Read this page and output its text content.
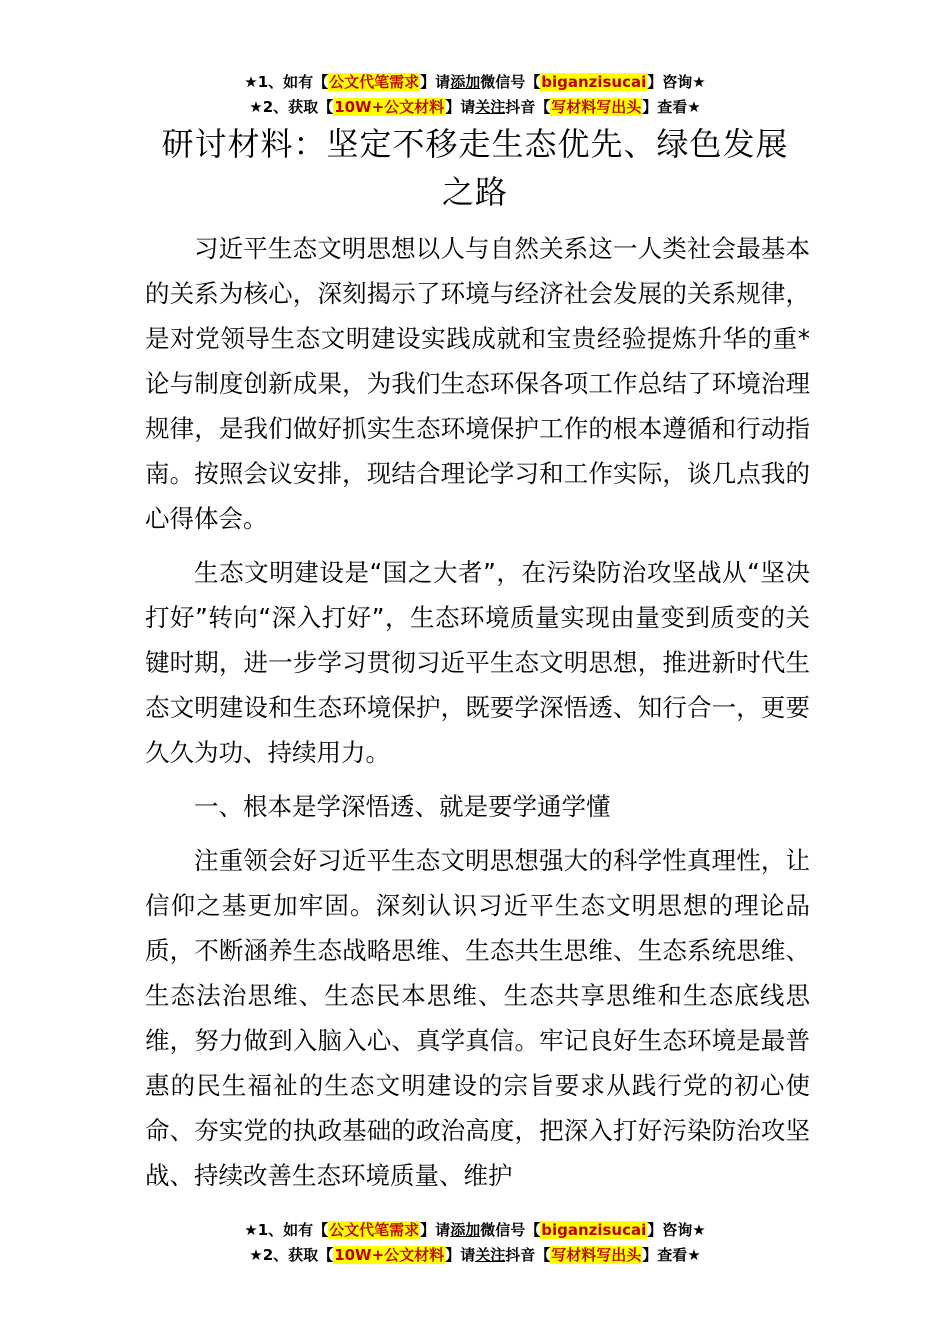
★1、如有【公文代笔需求】请添加微信号【biganzisucai】咨询★
★2、获取【10W+公文材料】请关注抖音【写材料写出头】查看★
研讨材料：坚定不移走生态优先、绿色发展
之路

习近平生态文明思想以人与自然关系这一人类社会最基本的关系为核心，深刻揭示了环境与经济社会发展的关系规律，是对党领导生态文明建设实践成就和宝贵经验提炼升华的重*论与制度创新成果，为我们生态环保各项工作总结了环境治理规律，是我们做好抓实生态环境保护工作的根本遵循和行动指南。按照会议安排，现结合理论学习和工作实际，谈几点我的心得体会。

生态文明建设是“国之大者”，在污染防治攻坚战从“坚决打好”转向“深入打好”，生态环境质量实现由量变到质变的关键时期，进一步学习贯彻习近平生态文明思想，推进新时代生态文明建设和生态环境保护，既要学深悟透、知行合一，更要久久为功、持续用力。

一、根本是学深悟透、就是要学通学懂

注重领会好习近平生态文明思想强大的科学性真理性，让信仰之基更加牢固。深刻认识习近平生态文明思想的理论品质，不断涵养生态战略思维、生态共生思维、生态系统思维、生态法治思维、生态民本思维、生态共享思维和生态底线思维，努力做到入脑入心、真学真信。牢记良好生态环境是最普惠的民生福祉的生态文明建设的宗旨要求从践行党的初心使命、夯实党的执政基础的政治高度，把深入打好污染防治攻坚战、持续改善生态环境质量、维护

★1、如有【公文代笔需求】请添加微信号【biganzisucai】咨询★
★2、获取【10W+公文材料】请关注抖音【写材料写出头】查看★
